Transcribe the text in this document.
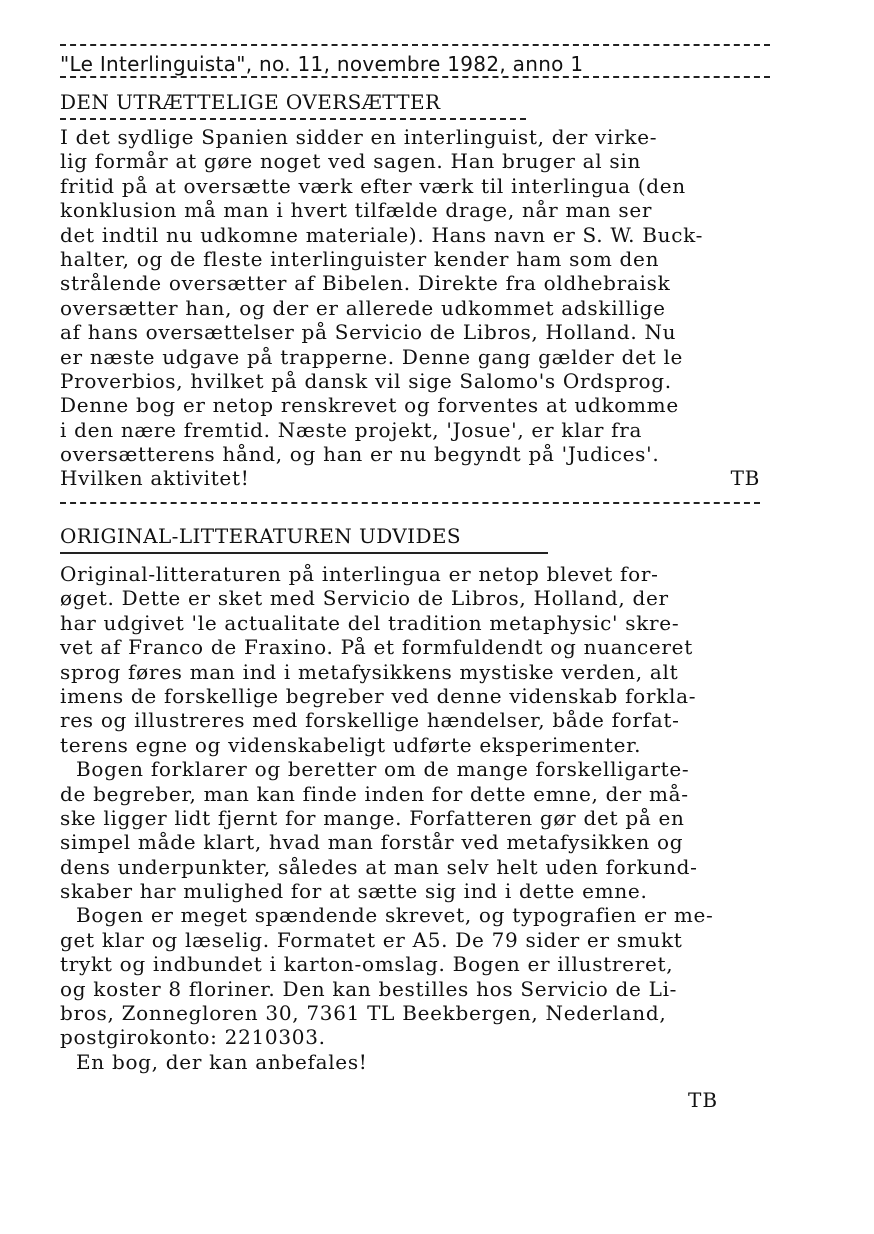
"Le Interlinguista", no. 11, novembre 1982, anno 1
DEN UTRÆTTELIGE OVERSÆTTER
I det sydlige Spanien sidder en interlinguist, der virke-
lig formår at gøre noget ved sagen. Han bruger al sin
fritid på at oversætte værk efter værk til interlingua (den
konklusion må man i hvert tilfælde drage, når man ser
det indtil nu udkomne materiale). Hans navn er S. W. Buck-
halter, og de fleste interlinguister kender ham som den
strålende oversætter af Bibelen. Direkte fra oldhebraisk
oversætter han, og der er allerede udkommet adskillige
af hans oversættelser på Servicio de Libros, Holland. Nu
er næste udgave på trapperne. Denne gang gælder det le
Proverbios, hvilket på dansk vil sige Salomo's Ordsprog.
Denne bog er netop renskrevet og forventes at udkomme
i den nære fremtid. Næste projekt, 'Josue', er klar fra
oversætterens hånd, og han er nu begyndt på 'Judices'.
Hvilken aktivitet!	TB
ORIGINAL-LITTERATUREN UDVIDES
Original-litteraturen på interlingua er netop blevet for-
øget. Dette er sket med Servicio de Libros, Holland, der
har udgivet 'le actualitate del tradition metaphysic' skre-
vet af Franco de Fraxino. På et formfuldendt og nuanceret
sprog føres man ind i metafysikkens mystiske verden, alt
imens de forskellige begreber ved denne videnskab forkla-
res og illustreres med forskellige hændelser, både forfat-
terens egne og videnskabeligt udførte eksperimenter.
Bogen forklarer og beretter om de mange forskelligarte-
de begreber, man kan finde inden for dette emne, der må-
ske ligger lidt fjernt for mange. Forfatteren gør det på en
simpel måde klart, hvad man forstår ved metafysikken og
dens underpunkter, således at man selv helt uden forkund-
skaber har mulighed for at sætte sig ind i dette emne.
Bogen er meget spændende skrevet, og typografien er me-
get klar og læselig. Formatet er A5. De 79 sider er smukt
trykt og indbundet i karton-omslag. Bogen er illustreret,
og koster 8 floriner. Den kan bestilles hos Servicio de Li-
bros, Zonnegloren 30, 7361 TL Beekbergen, Nederland,
postgirokonto: 2210303.
En bog, der kan anbefales!
TB
